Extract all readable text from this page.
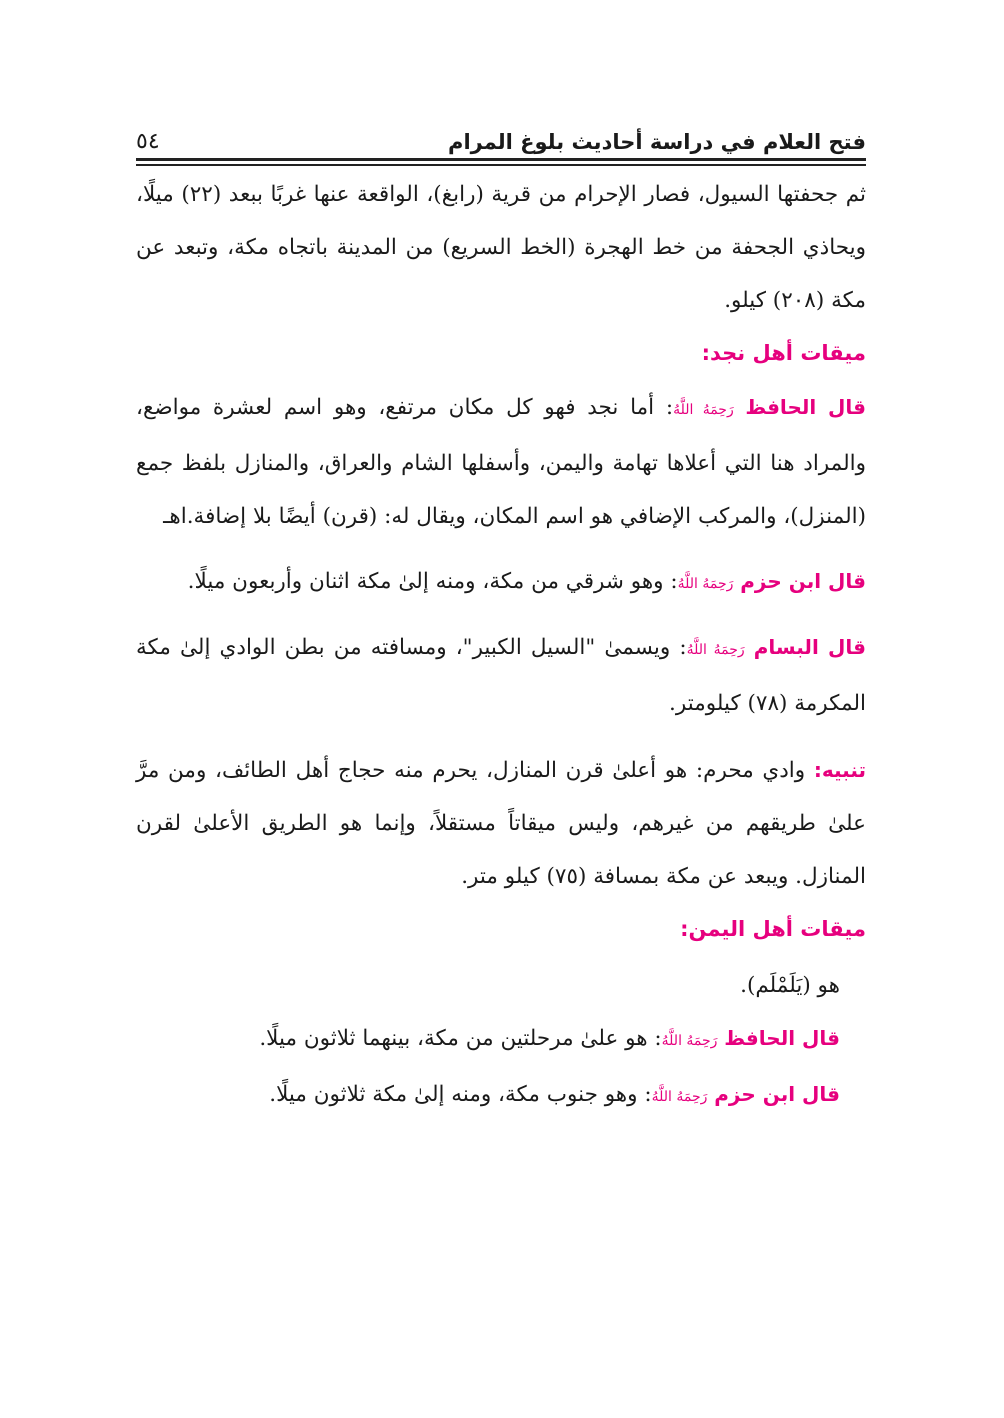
فتح العلام في دراسة أحاديث بلوغ المرام
٥٤

ثم جحفتها السيول، فصار الإحرام من قرية (رابغ)، الواقعة عنها غربًا ببعد (٢٢) ميلًا، ويحاذي الجحفة من خط الهجرة (الخط السريع) من المدينة باتجاه مكة، وتبعد عن مكة (٢٠٨) كيلو.

ميقات أهل نجد:

قال الحافظ رَحِمَهُ اللَّهُ: أما نجد فهو كل مكان مرتفع، وهو اسم لعشرة مواضع، والمراد هنا التي أعلاها تهامة واليمن، وأسفلها الشام والعراق، والمنازل بلفظ جمع (المنزل)، والمركب الإضافي هو اسم المكان، ويقال له: (قرن) أيضًا بلا إضافة.اهـ

قال ابن حزم رَحِمَهُ اللَّهُ: وهو شرقي من مكة، ومنه إلىٰ مكة اثنان وأربعون ميلًا.

قال البسام رَحِمَهُ اللَّهُ: ويسمىٰ "السيل الكبير"، ومسافته من بطن الوادي إلىٰ مكة المكرمة (٧٨) كيلومتر.

تنبيه: وادي محرم: هو أعلىٰ قرن المنازل، يحرم منه حجاج أهل الطائف، ومن مرَّ علىٰ طريقهم من غيرهم، وليس ميقاتاً مستقلاً، وإنما هو الطريق الأعلىٰ لقرن المنازل. ويبعد عن مكة بمسافة (٧٥) كيلو متر.

ميقات أهل اليمن:

هو (يَلَمْلَم).

قال الحافظ رَحِمَهُ اللَّهُ: هو علىٰ مرحلتين من مكة، بينهما ثلاثون ميلًا.

قال ابن حزم رَحِمَهُ اللَّهُ: وهو جنوب مكة، ومنه إلىٰ مكة ثلاثون ميلًا.
